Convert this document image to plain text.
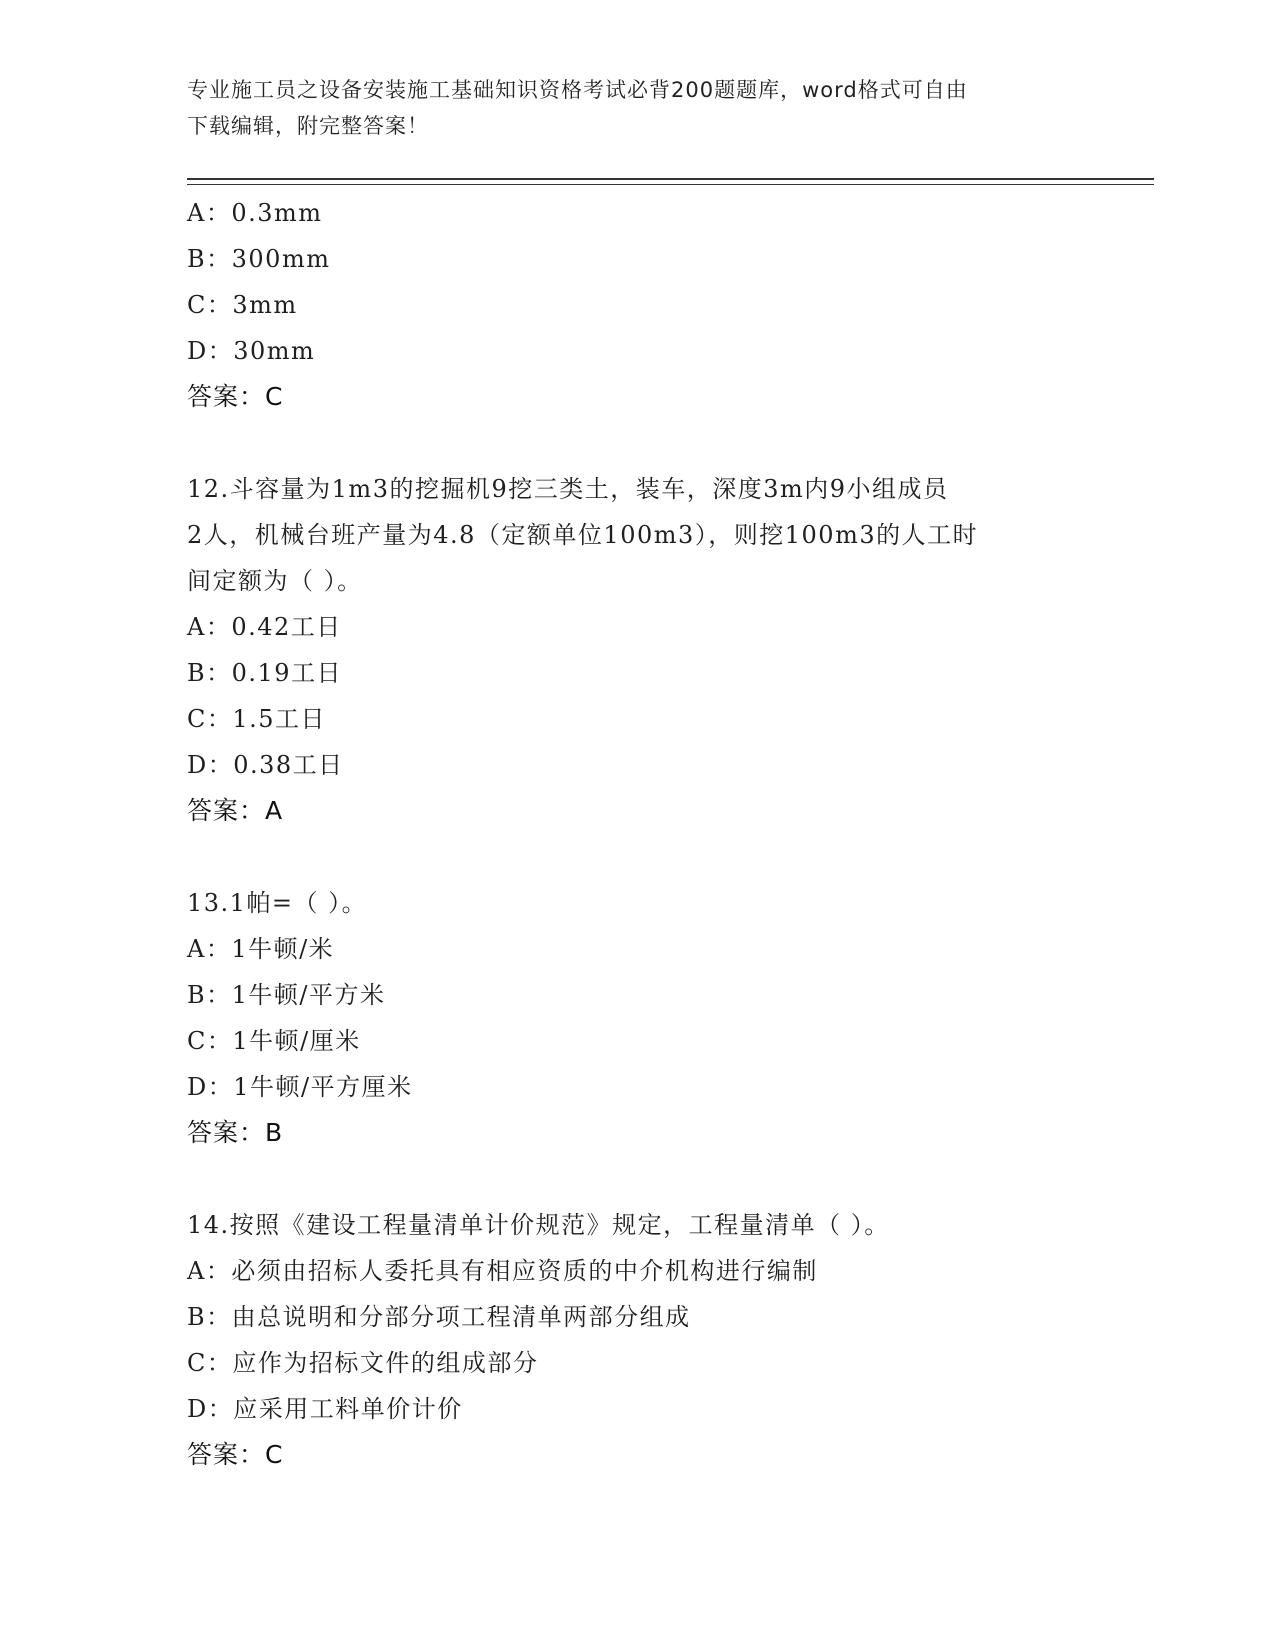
专业施工员之设备安装施工基础知识资格考试必背200题题库，word格式可自由
下载编辑，附完整答案！
A：0.3mm
B：300mm
C：3mm
D：30mm
答案：C
12.斗容量为1m3的挖掘机9挖三类土，装车，深度3m内9小组成员
2人，机械台班产量为4.8（定额单位100m3），则挖100m3的人工时
间定额为（ ）。
A：0.42工日
B：0.19工日
C：1.5工日
D：0.38工日
答案：A
13.1帕=（ ）。
A：1牛顿/米
B：1牛顿/平方米
C：1牛顿/厘米
D：1牛顿/平方厘米
答案：B
14.按照《建设工程量清单计价规范》规定，工程量清单（ ）。
A：必须由招标人委托具有相应资质的中介机构进行编制
B：由总说明和分部分项工程清单两部分组成
C：应作为招标文件的组成部分
D：应采用工料单价计价
答案：C
